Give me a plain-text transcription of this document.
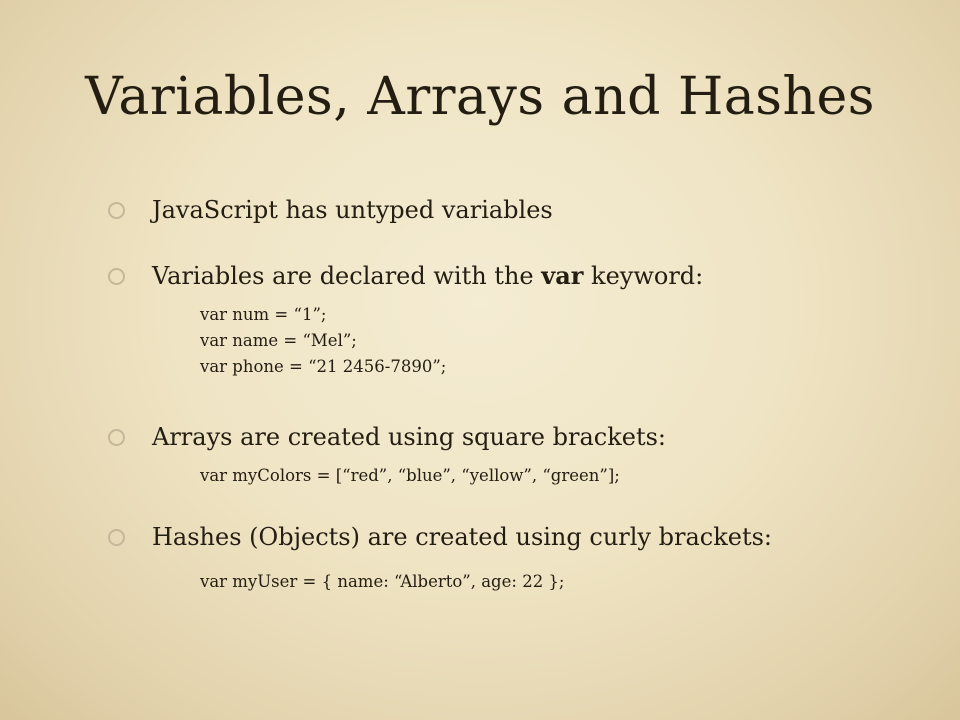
Variables, Arrays and Hashes
JavaScript has untyped variables
Variables are declared with the var keyword:
var num = “1”;
var name = “Mel”;
var phone = “21 2456-7890”;
Arrays are created using square brackets:
var myColors = [“red”, “blue”, “yellow”, “green”];
Hashes (Objects) are created using curly brackets:
var myUser = { name: “Alberto”, age: 22 };
